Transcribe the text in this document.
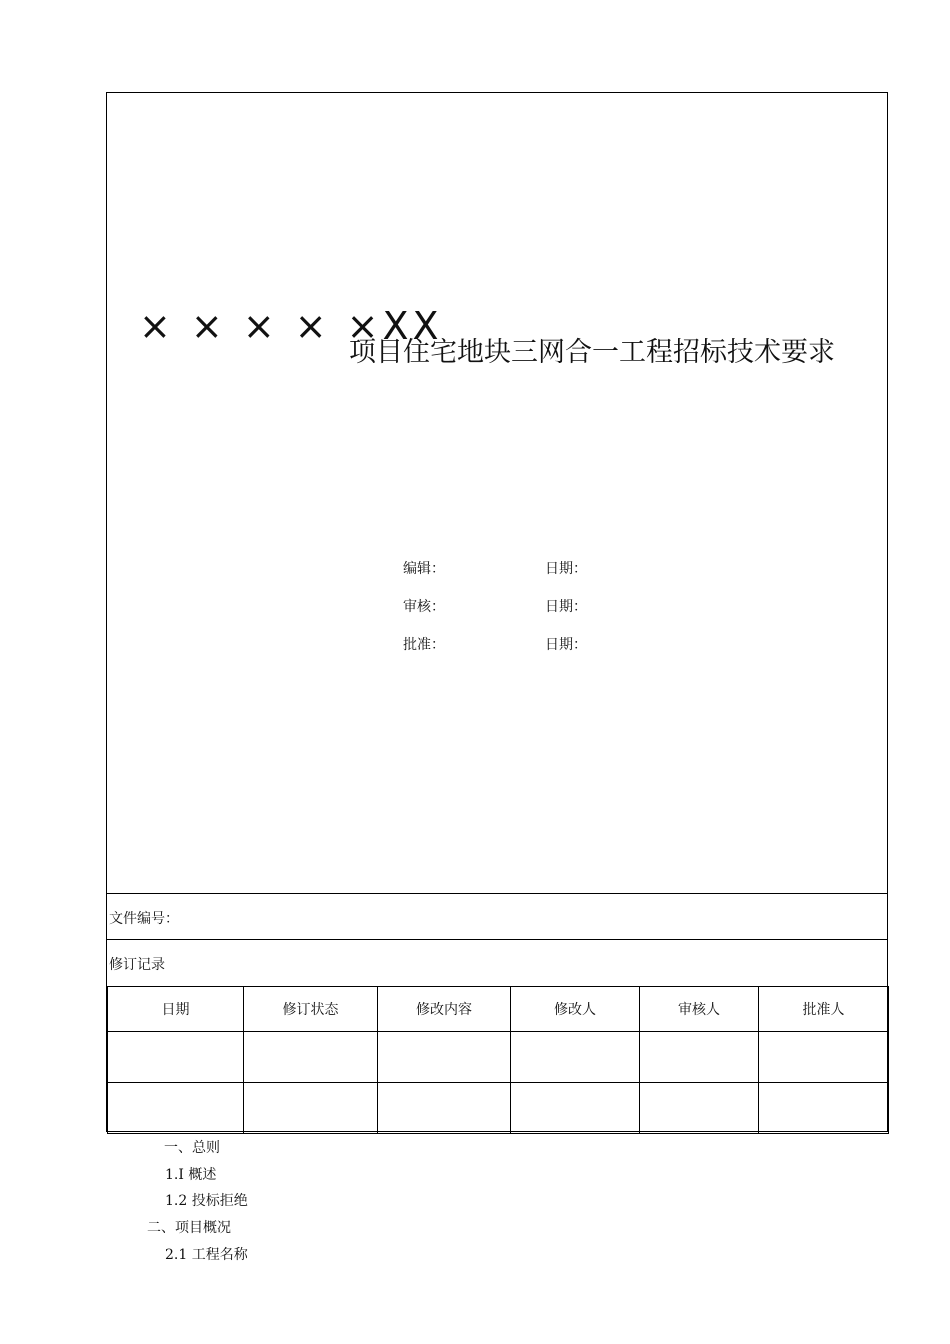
× × × × ×XX
项目住宅地块三网合一工程招标技术要求
编辑：	日期：
审核：	日期：
批准：	日期：
文件编号：
修订记录
日期	修订状态	修改内容	修改人	审核人	批准人

一、总则
1.I 概述
1.2 投标拒绝
二、项目概况
2.1 工程名称
